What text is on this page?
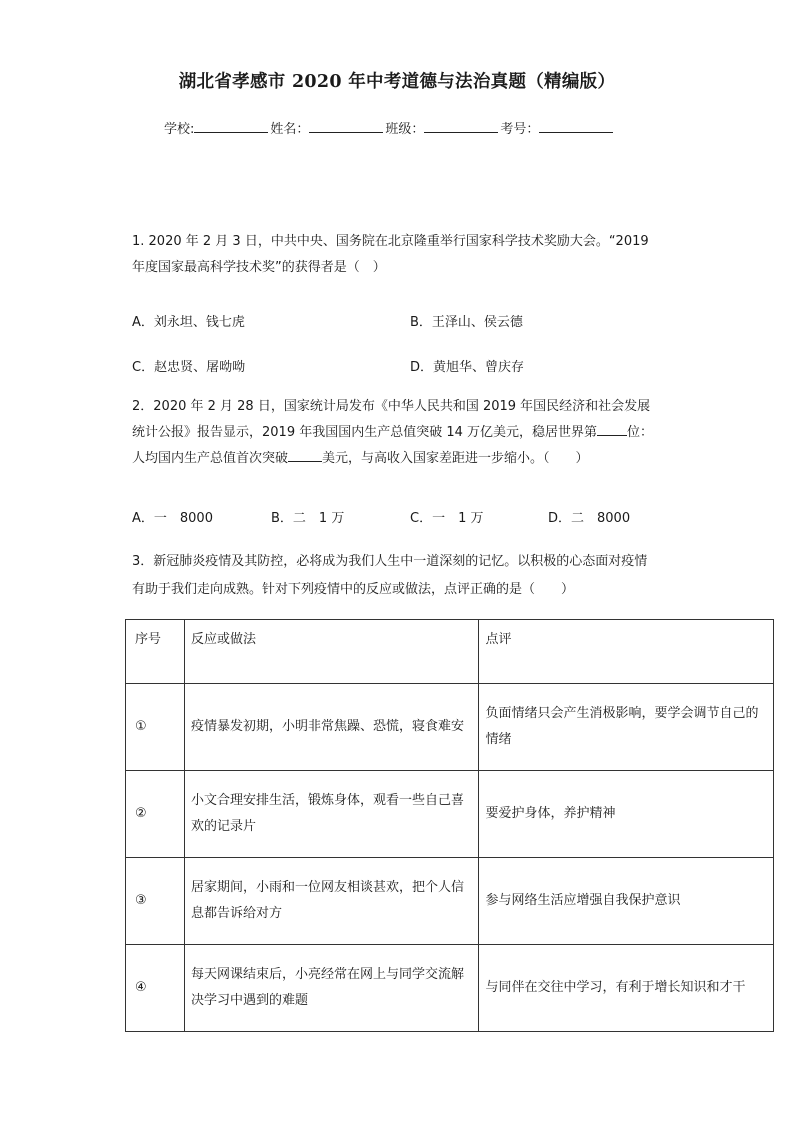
湖北省孝感市 2020 年中考道德与法治真题（精编版）
学校:	姓名：	班级：	考号：
1. 2020 年 2 月 3 日，中共中央、国务院在北京隆重举行国家科学技术奖励大会。“2019 年度国家最高科学技术奖”的获得者是（　）
A．刘永坦、钱七虎	B．王泽山、侯云德
C．赵忠贤、屠呦呦	D．黄旭华、曾庆存
2．2020 年 2 月 28 日，国家统计局发布《中华人民共和国 2019 年国民经济和社会发展统计公报》报告显示，2019 年我国国内生产总值突破 14 万亿美元，稳居世界第 位：人均国内生产总值首次突破	美元，与高收入国家差距进一步缩小。（　　）
A．一　8000	B．二　1 万	C．一　1 万	D．二　8000
3．新冠肺炎疫情及其防控，必将成为我们人生中一道深刻的记忆。以积极的心态面对疫情有助于我们走向成熟。针对下列疫情中的反应或做法，点评正确的是（　　）
序号	反应或做法	点评
①	疫情暴发初期，小明非常焦躁、恐慌，寝食难安	负面情绪只会产生消极影响，要学会调节自己的情绪
②	小文合理安排生活，锻炼身体，观看一些自己喜欢的记录片	要爱护身体，养护精神
③	居家期间，小雨和一位网友相谈甚欢，把个人信息都告诉给对方	参与网络生活应增强自我保护意识
④	每天网课结束后，小亮经常在网上与同学交流解决学习中遇到的难题	与同伴在交往中学习，有利于增长知识和才干
